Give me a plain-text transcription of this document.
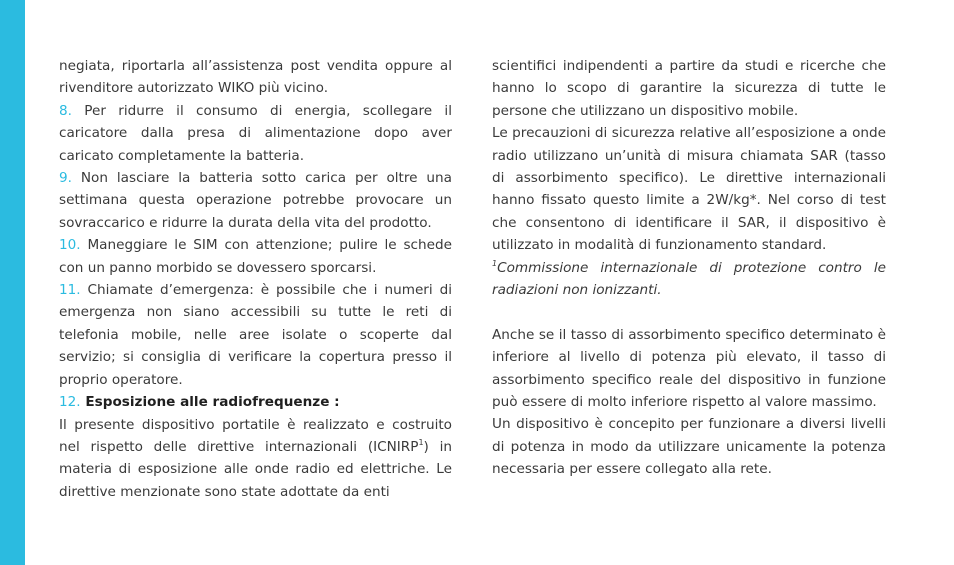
negiata, riportarla all’assistenza post vendita oppure al rivenditore autorizzato WIKO più vicino.

8. Per ridurre il consumo di energia, scollegare il caricatore dalla presa di alimentazione dopo aver caricato completamente la batteria.

9. Non lasciare la batteria sotto carica per oltre una settimana questa operazione potrebbe provocare un sovraccarico e ridurre la durata della vita del prodotto.

10. Maneggiare le SIM con attenzione; pulire le schede con un panno morbido se dovessero sporcarsi.

11. Chiamate d’emergenza: è possibile che i numeri di emergenza non siano accessibili su tutte le reti di telefonia mobile, nelle aree isolate o scoperte dal servizio; si consiglia di verificare la copertura presso il proprio operatore.

12. Esposizione alle radiofrequenze :

Il presente dispositivo portatile è realizzato e costruito nel rispetto delle direttive internazionali (ICNIRP$^1$) in materia di esposizione alle onde radio ed elettriche. Le direttive menzionate sono state adottate da enti

scientifici indipendenti a partire da studi e ricerche che hanno lo scopo di garantire la sicurezza di tutte le persone che utilizzano un dispositivo mobile.

Le precauzioni di sicurezza relative all’esposizione a onde radio utilizzano un’unità di misura chiamata SAR (tasso di assorbimento specifico). Le direttive internazionali hanno fissato questo limite a 2W/kg*. Nel corso di test che consentono di identificare il SAR, il dispositivo è utilizzato in modalità di funzionamento standard.

$^1$Commissione internazionale di protezione contro le radiazioni non ionizzanti.

Anche se il tasso di assorbimento specifico determinato è inferiore al livello di potenza più elevato, il tasso di assorbimento specifico reale del dispositivo in funzione può essere di molto inferiore rispetto al valore massimo.

Un dispositivo è concepito per funzionare a diversi livelli di potenza in modo da utilizzare unicamente la potenza necessaria per essere collegato alla rete.
